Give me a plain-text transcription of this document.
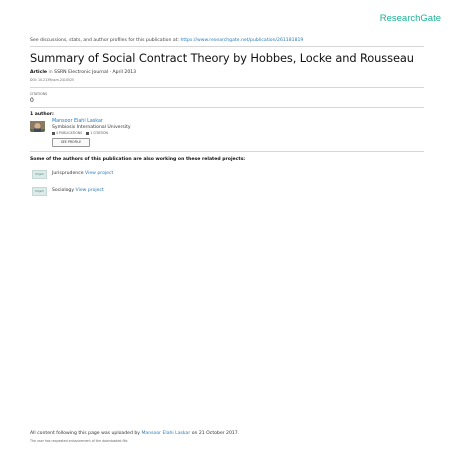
ResearchGate
See discussions, stats, and author profiles for this publication at: https://www.researchgate.net/publication/261181819
Summary of Social Contract Theory by Hobbes, Locke and Rousseau
Article in SSRN Electronic Journal · April 2013
DOI: 10.2139/ssrn.2410525
CITATIONS
0
1 author:
Mansoor Elahi Laskar
Symbiosis International University
4 PUBLICATIONS	1 CITATION
SEE PROFILE
Some of the authors of this publication are also working on these related projects:
Project	Jurisprudence View project
Project	Sociology View project
All content following this page was uploaded by Mansoor Elahi Laskar on 21 October 2017.
The user has requested enhancement of the downloaded file.
